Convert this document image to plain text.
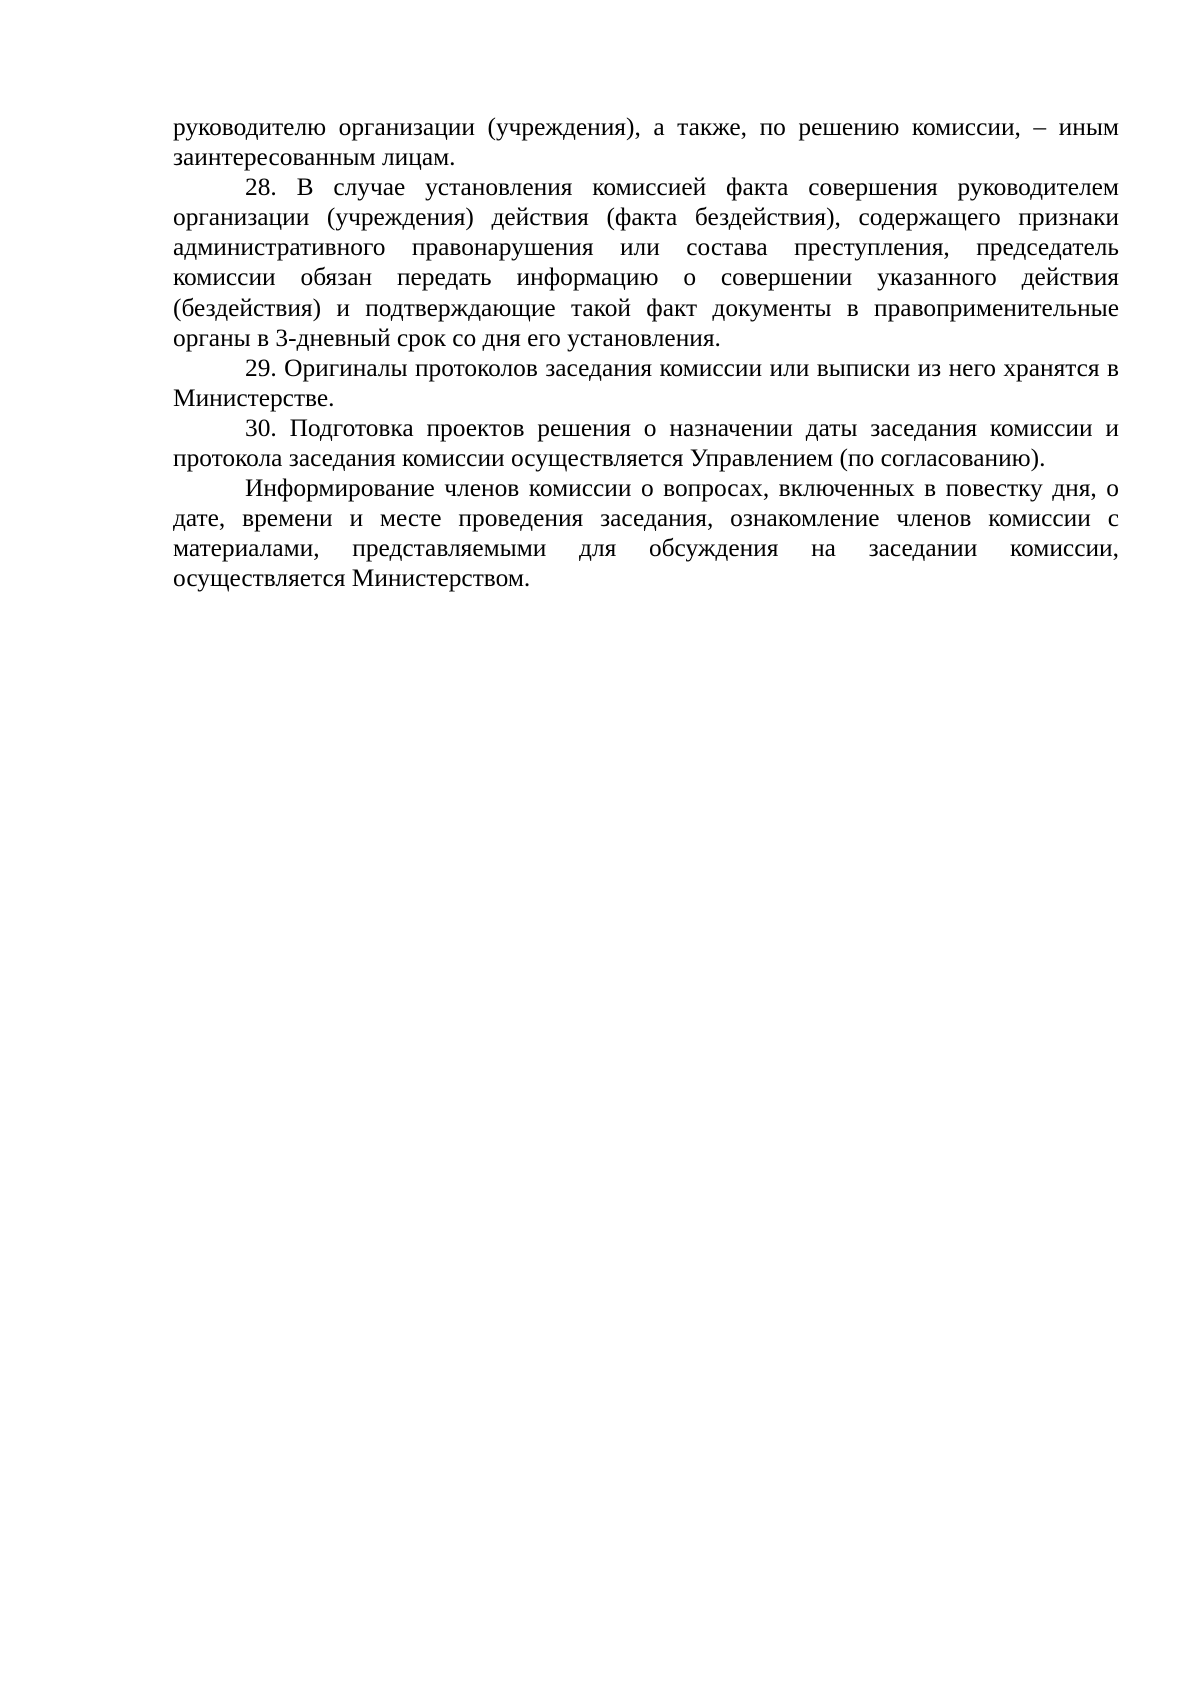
руководителю организации (учреждения), а также, по решению комиссии, – иным заинтересованным лицам.

28. В случае установления комиссией факта совершения руководителем организации (учреждения) действия (факта бездействия), содержащего признаки административного правонарушения или состава преступления, председатель комиссии обязан передать информацию о совершении указанного действия (бездействия) и подтверждающие такой факт документы в правоприменительные органы в 3-дневный срок со дня его установления.

29. Оригиналы протоколов заседания комиссии или выписки из него хранятся в Министерстве.

30. Подготовка проектов решения о назначении даты заседания комиссии и протокола заседания комиссии осуществляется Управлением (по согласованию).

Информирование членов комиссии о вопросах, включенных в повестку дня, о дате, времени и месте проведения заседания, ознакомление членов комиссии с материалами, представляемыми для обсуждения на заседании комиссии, осуществляется Министерством.
